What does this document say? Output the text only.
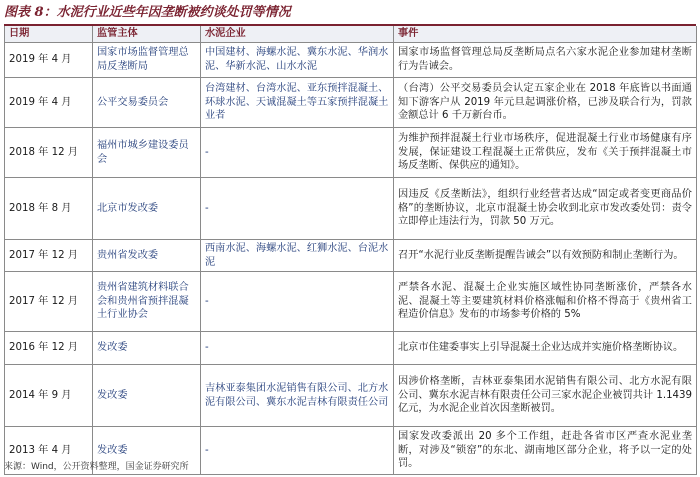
图表 8：水泥行业近些年因垄断被约谈处罚等情况
日期	监管主体	水泥企业	事件
2019 年 4 月	国家市场监督管理总局反垄断局	中国建材、海螺水泥、冀东水泥、华润水泥、华新水泥、山水水泥	国家市场监督管理总局反垄断局点名六家水泥企业参加建材垄断行为告诫会。
2019 年 4 月	公平交易委员会	台湾建材、台湾水泥、亚东预拌混凝土、环球水泥、天诚混凝土等五家预拌混凝土业者	（台湾）公平交易委员会认定五家企业在 2018 年底皆以书面通知下游客户从 2019 年元旦起调涨价格，已涉及联合行为，罚款金额总计 6 千万新台币。
2018 年 12 月	福州市城乡建设委员会	-	为维护预拌混凝土行业市场秩序，促进混凝土行业市场健康有序发展，保证建设工程混凝土正常供应，发布《关于预拌混凝土市场反垄断、保供应的通知》。
2018 年 8 月	北京市发改委	-	因违反《反垄断法》，组织行业经营者达成“固定或者变更商品价格”的垄断协议，北京市混凝土协会收到北京市发改委处罚：责令立即停止违法行为，罚款 50 万元。
2017 年 12 月	贵州省发改委	西南水泥、海螺水泥、红狮水泥、台泥水泥	召开“水泥行业反垄断提醒告诫会”以有效预防和制止垄断行为。
2017 年 12 月	贵州省建筑材料联合会和贵州省预拌混凝土行业协会	-	严禁各水泥、混凝土企业实施区域性协同垄断涨价，严禁各水泥、混凝土等主要建筑材料价格涨幅和价格不得高于《贵州省工程造价信息》发布的市场参考价格的 5%
2016 年 12 月	发改委	-	北京市住建委事实上引导混凝土企业达成并实施价格垄断协议。
2014 年 9 月	发改委	吉林亚泰集团水泥销售有限公司、北方水泥有限公司、冀东水泥吉林有限责任公司	因涉价格垄断，吉林亚泰集团水泥销售有限公司、北方水泥有限公司、冀东水泥吉林有限责任公司三家水泥企业被罚共计 1.1439 亿元，为水泥企业首次因垄断被罚。
2013 年 4 月	发改委	-	国家发改委派出 20 多个工作组，赶赴各省市区严查水泥业垄断，对涉及“锁窑”的东北、湖南地区部分企业，将予以一定的处罚。
来源：Wind，公开资料整理，国金证券研究所
